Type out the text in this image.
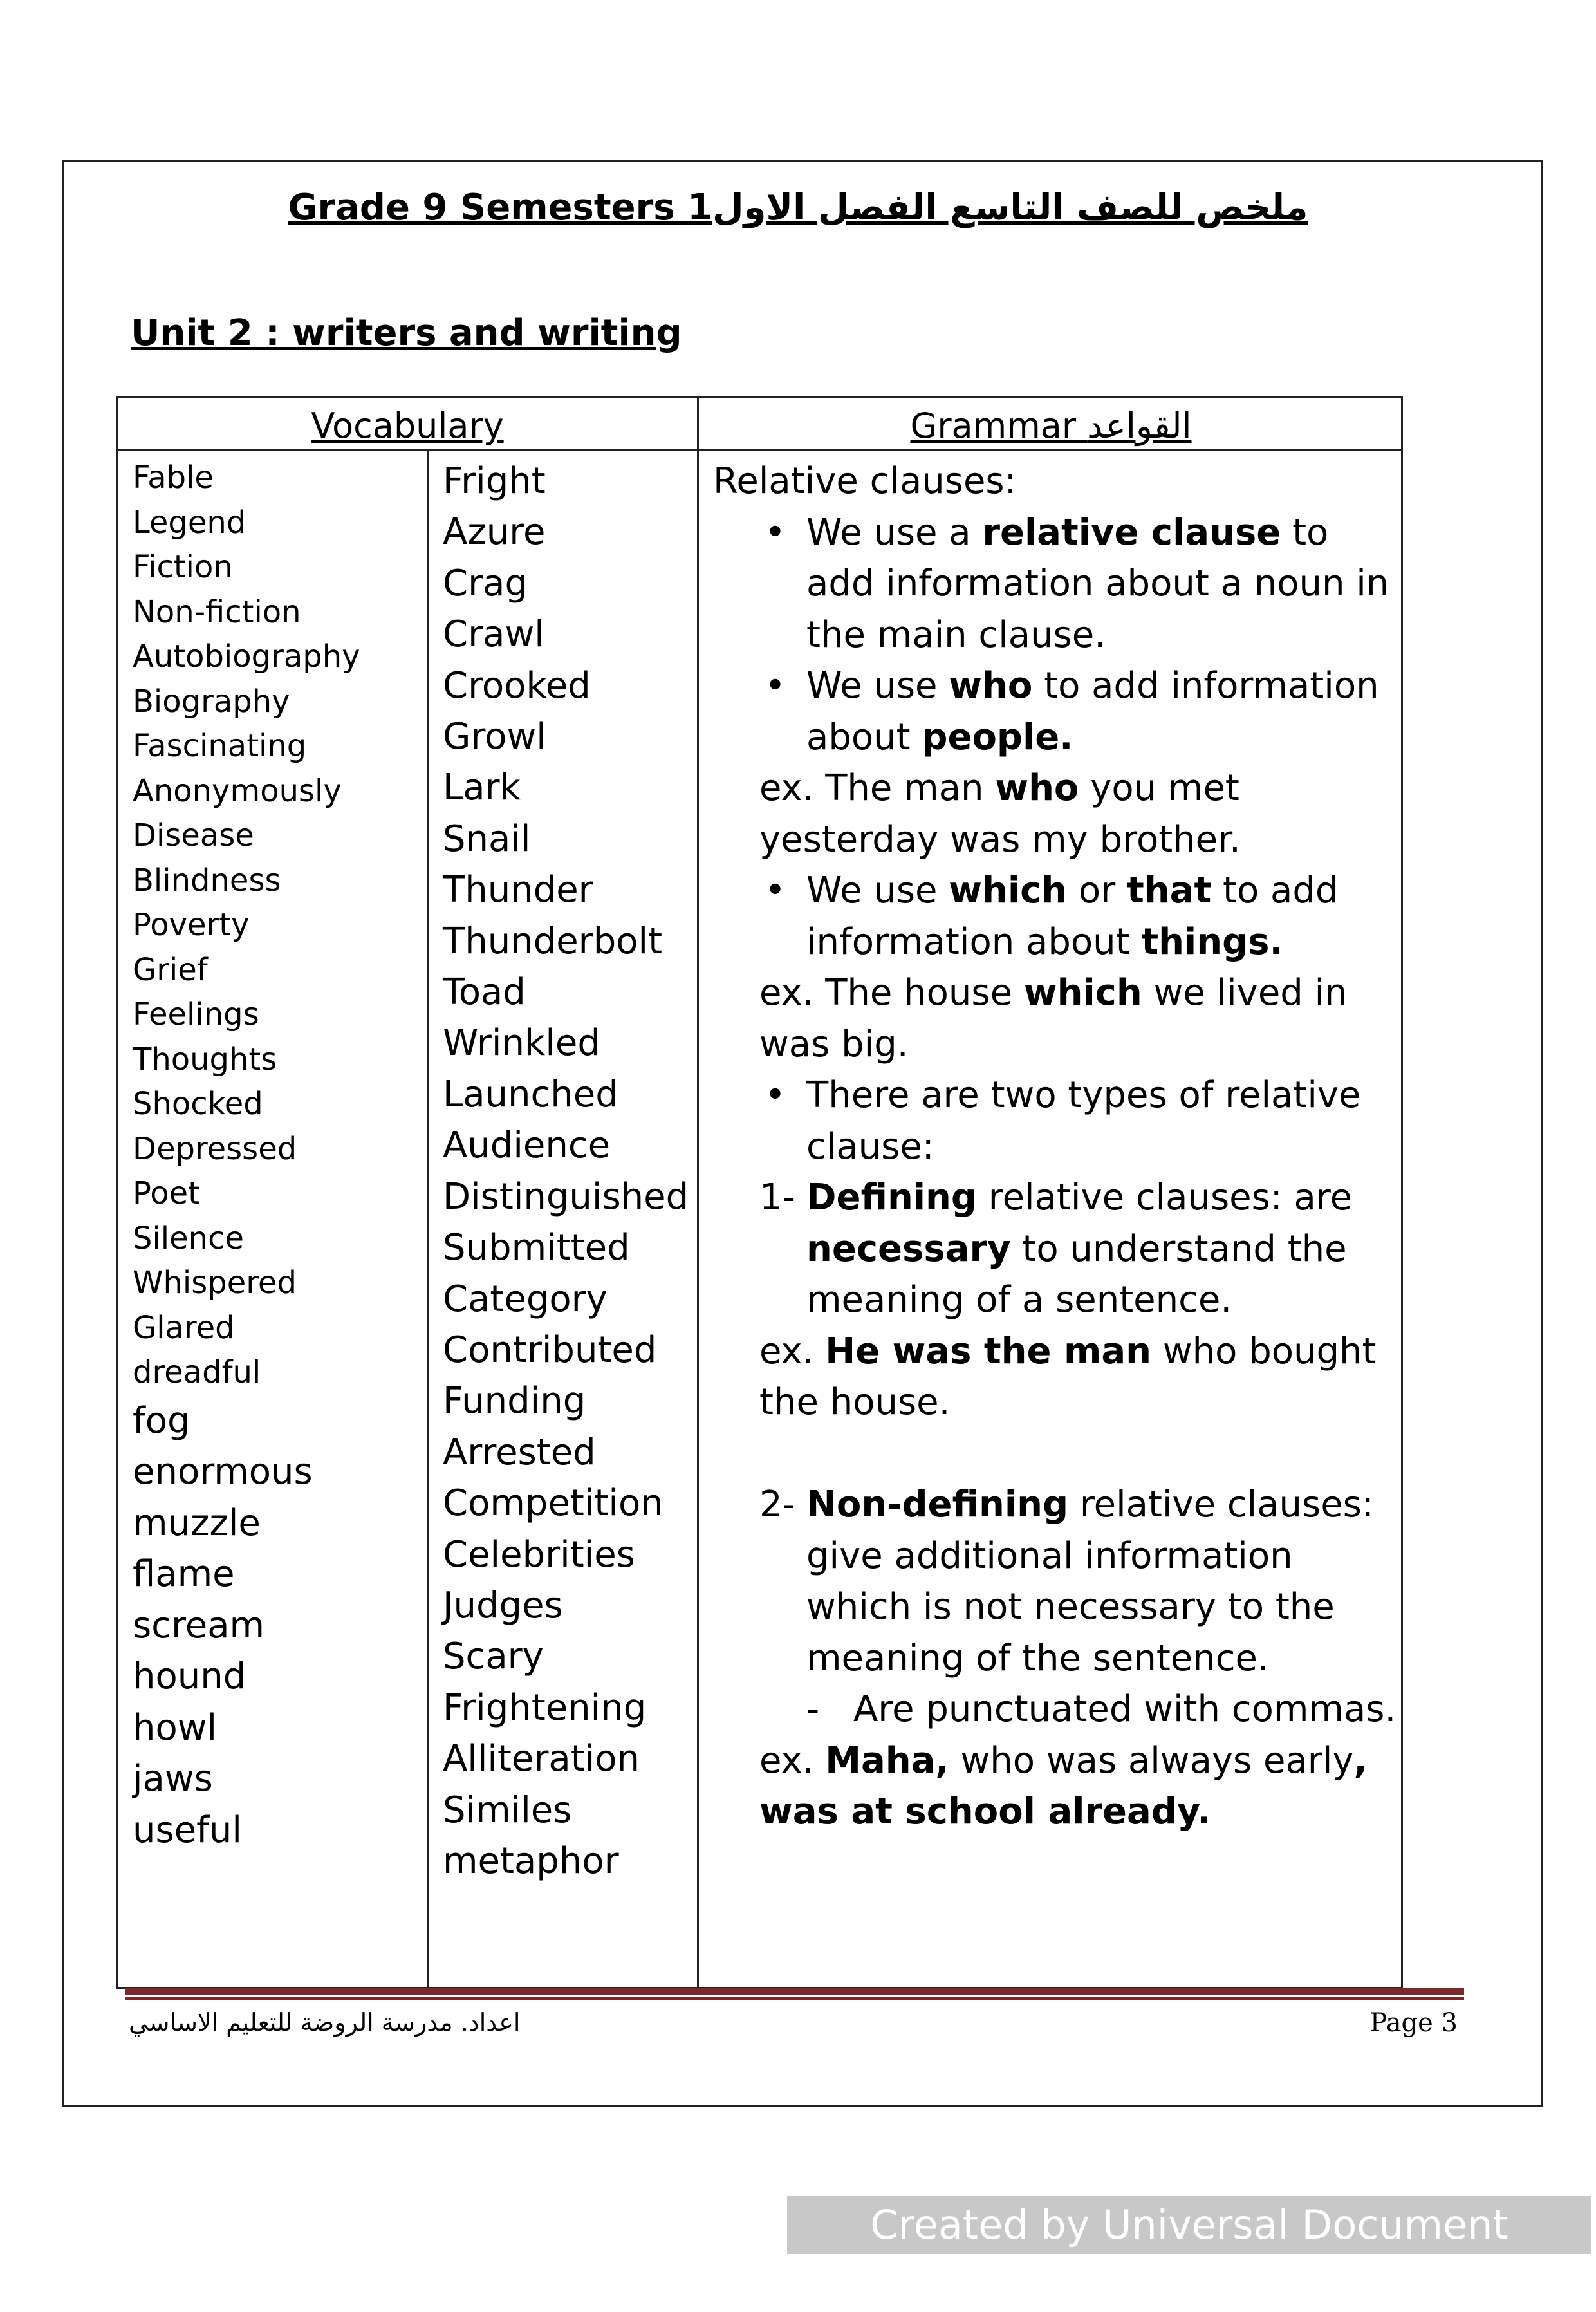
Grade 9 Semesters 1ملخص للصف التاسع الفصل الاول
Unit 2 : writers and writing
Vocabulary	Grammar القواعد
Fable
Legend
Fiction
Non-fiction
Autobiography
Biography
Fascinating
Anonymously
Disease
Blindness
Poverty
Grief
Feelings
Thoughts
Shocked
Depressed
Poet
Silence
Whispered
Glared
dreadful
fog
enormous
muzzle
flame
scream
hound
howl
jaws
useful
Fright
Azure
Crag
Crawl
Crooked
Growl
Lark
Snail
Thunder
Thunderbolt
Toad
Wrinkled
Launched
Audience
Distinguished
Submitted
Category
Contributed
Funding
Arrested
Competition
Celebrities
Judges
Scary
Frightening
Alliteration
Similes
metaphor

Relative clauses:

• We use a relative clause to add information about a noun in the main clause.

• We use who to add information about people.

ex. The man who you met yesterday was my brother.

• We use which or that to add information about things.

ex. The house which we lived in was big.

• There are two types of relative clause:

1- Defining relative clauses: are necessary to understand the meaning of a sentence.

ex. He was the man who bought the house.

2- Non-defining relative clauses: give additional information which is not necessary to the meaning of the sentence.

- Are punctuated with commas.

ex. Maha, who was always early, was at school already.

اعداد. مدرسة الروضة للتعليم الاساسي	Page 3

Created by Universal Document Converter
